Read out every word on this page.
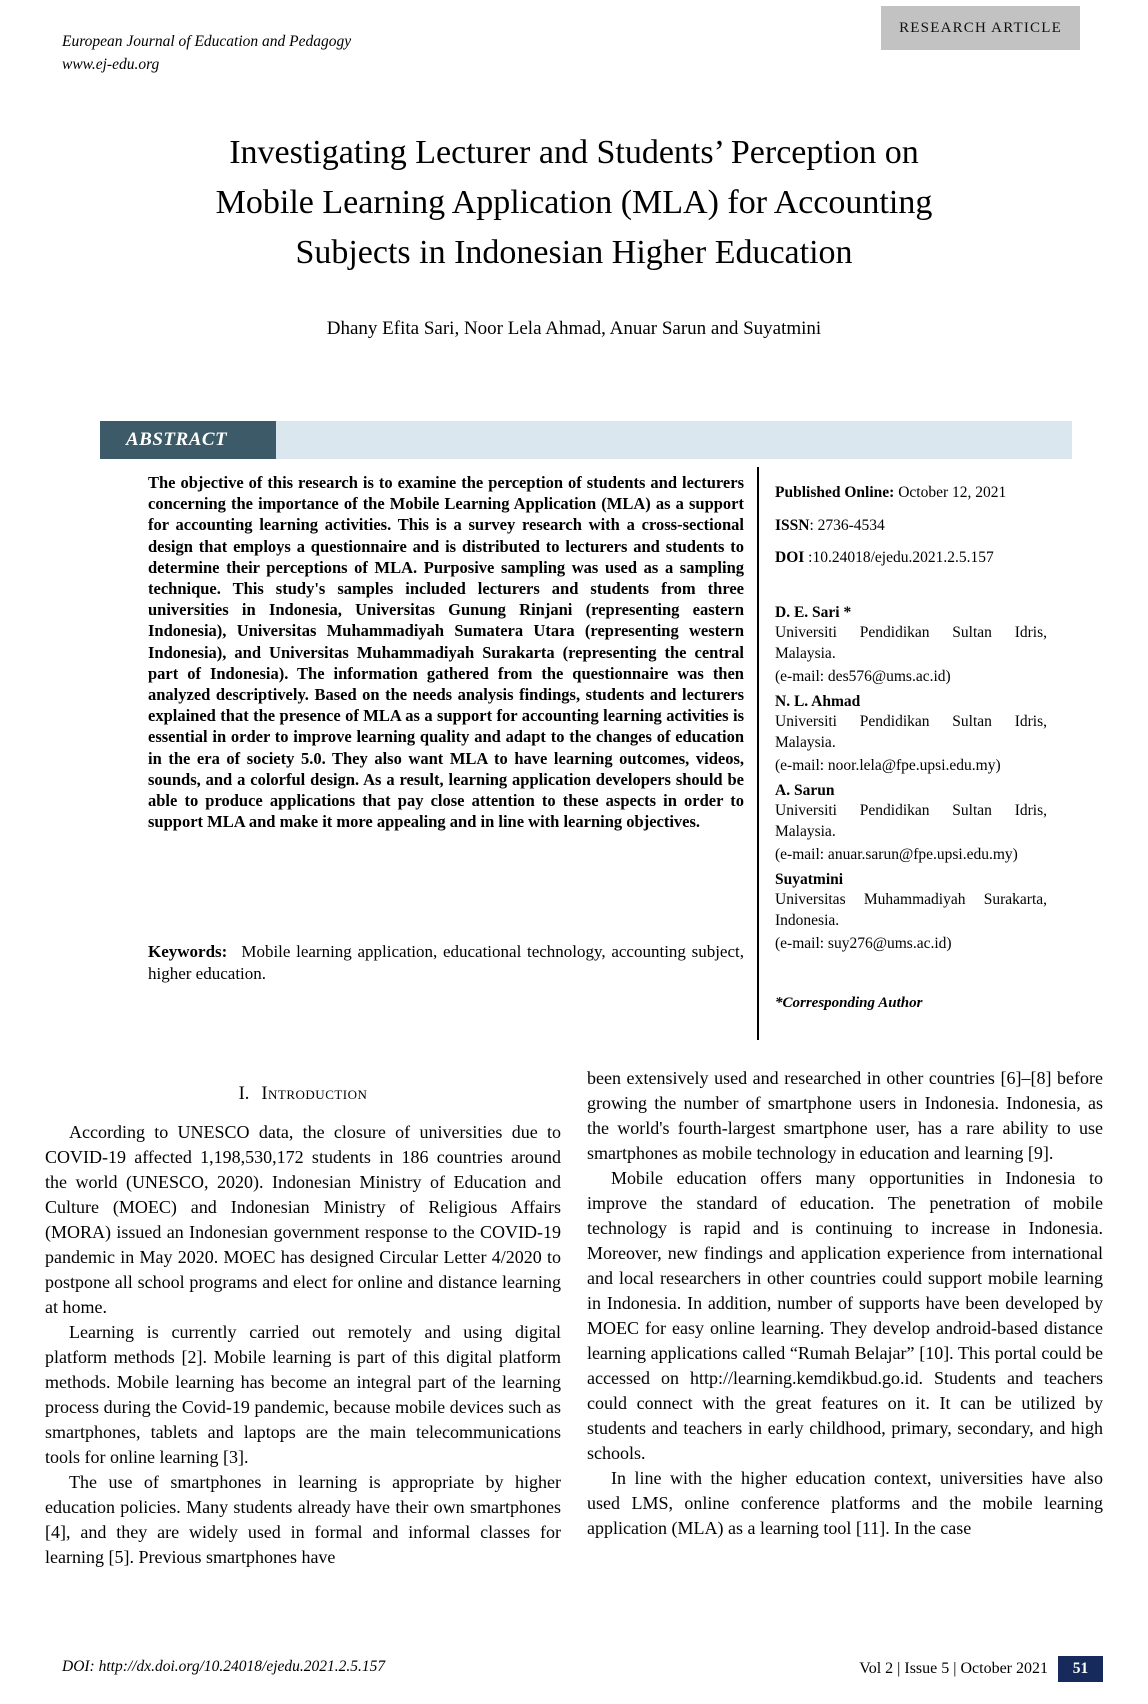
RESEARCH ARTICLE
European Journal of Education and Pedagogy
www.ej-edu.org
Investigating Lecturer and Students’ Perception on
Mobile Learning Application (MLA) for Accounting
Subjects in Indonesian Higher Education
Dhany Efita Sari, Noor Lela Ahmad, Anuar Sarun and Suyatmini
ABSTRACT
The objective of this research is to examine the perception of students and lecturers concerning the importance of the Mobile Learning Application (MLA) as a support for accounting learning activities. This is a survey research with a cross-sectional design that employs a questionnaire and is distributed to lecturers and students to determine their perceptions of MLA. Purposive sampling was used as a sampling technique. This study's samples included lecturers and students from three universities in Indonesia, Universitas Gunung Rinjani (representing eastern Indonesia), Universitas Muhammadiyah Sumatera Utara (representing western Indonesia), and Universitas Muhammadiyah Surakarta (representing the central part of Indonesia). The information gathered from the questionnaire was then analyzed descriptively. Based on the needs analysis findings, students and lecturers explained that the presence of MLA as a support for accounting learning activities is essential in order to improve learning quality and adapt to the changes of education in the era of society 5.0. They also want MLA to have learning outcomes, videos, sounds, and a colorful design. As a result, learning application developers should be able to produce applications that pay close attention to these aspects in order to support MLA and make it more appealing and in line with learning objectives.
Keywords: Mobile learning application, educational technology, accounting subject, higher education.

Published Online: October 12, 2021

ISSN: 2736-4534

DOI :10.24018/ejedu.2021.2.5.157

D. E. Sari *

Universiti Pendidikan Sultan Idris, Malaysia.

(e-mail: des576@ums.ac.id)

N. L. Ahmad

Universiti Pendidikan Sultan Idris, Malaysia.

(e-mail: noor.lela@fpe.upsi.edu.my)

A. Sarun

Universiti Pendidikan Sultan Idris, Malaysia.

(e-mail: anuar.sarun@fpe.upsi.edu.my)

Suyatmini

Universitas Muhammadiyah Surakarta, Indonesia.

(e-mail: suy276@ums.ac.id)

*Corresponding Author

I. Introduction

According to UNESCO data, the closure of universities due to COVID-19 affected 1,198,530,172 students in 186 countries around the world (UNESCO, 2020). Indonesian Ministry of Education and Culture (MOEC) and Indonesian Ministry of Religious Affairs (MORA) issued an Indonesian government response to the COVID-19 pandemic in May 2020. MOEC has designed Circular Letter 4/2020 to postpone all school programs and elect for online and distance learning at home.

Learning is currently carried out remotely and using digital platform methods [2]. Mobile learning is part of this digital platform methods. Mobile learning has become an integral part of the learning process during the Covid-19 pandemic, because mobile devices such as smartphones, tablets and laptops are the main telecommunications tools for online learning [3].

The use of smartphones in learning is appropriate by higher education policies. Many students already have their own smartphones [4], and they are widely used in formal and informal classes for learning [5]. Previous smartphones have

been extensively used and researched in other countries [6]–[8] before growing the number of smartphone users in Indonesia. Indonesia, as the world's fourth-largest smartphone user, has a rare ability to use smartphones as mobile technology in education and learning [9].

Mobile education offers many opportunities in Indonesia to improve the standard of education. The penetration of mobile technology is rapid and is continuing to increase in Indonesia. Moreover, new findings and application experience from international and local researchers in other countries could support mobile learning in Indonesia. In addition, number of supports have been developed by MOEC for easy online learning. They develop android-based distance learning applications called “Rumah Belajar” [10]. This portal could be accessed on http://learning.kemdikbud.go.id. Students and teachers could connect with the great features on it. It can be utilized by students and teachers in early childhood, primary, secondary, and high schools.

In line with the higher education context, universities have also used LMS, online conference platforms and the mobile learning application (MLA) as a learning tool [11]. In the case

DOI: http://dx.doi.org/10.24018/ejedu.2021.2.5.157	Vol 2 | Issue 5 | October 2021	51
